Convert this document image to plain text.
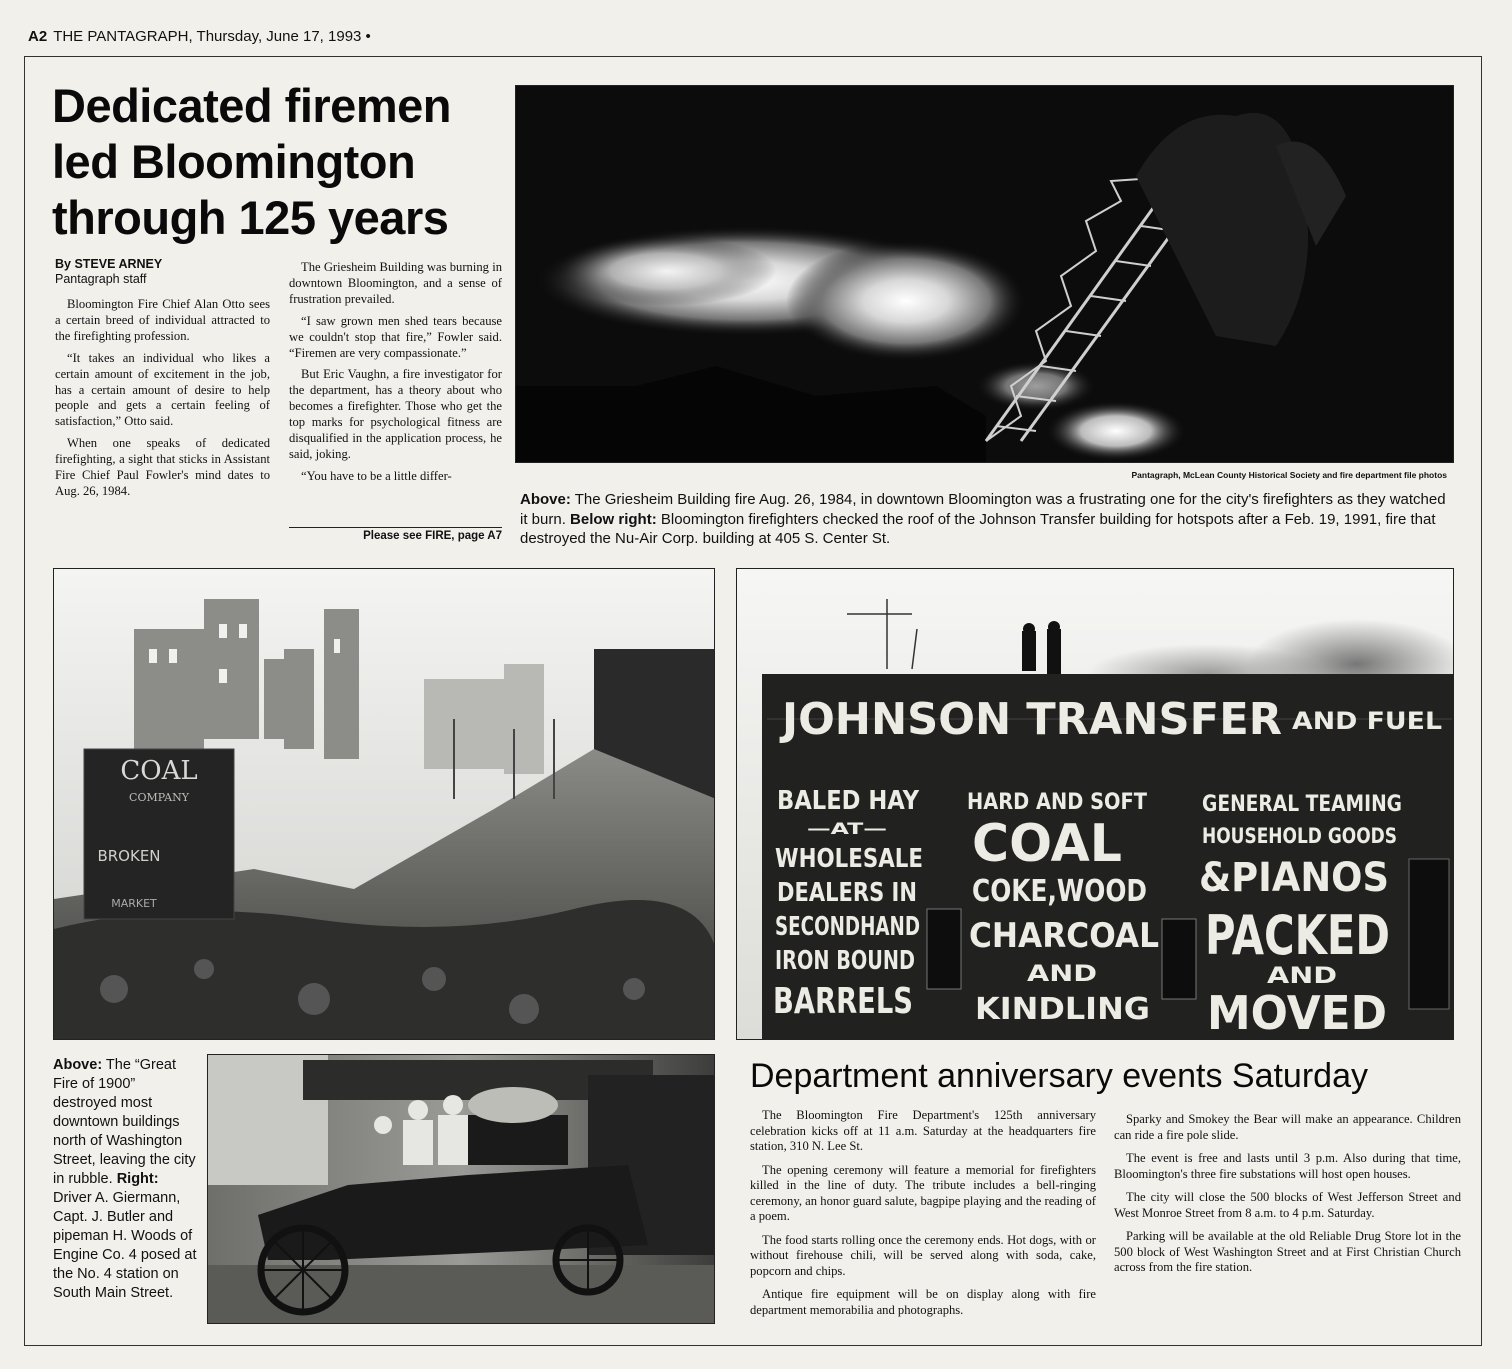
A2 THE PANTAGRAPH, Thursday, June 17, 1993 •
Dedicated firemen led Bloomington through 125 years
By STEVE ARNEY
Pantagraph staff

Bloomington Fire Chief Alan Otto sees a certain breed of individual attracted to the firefighting profession.

“It takes an individual who likes a certain amount of excitement in the job, has a certain amount of desire to help people and gets a certain feeling of satisfaction,” Otto said.

When one speaks of dedicated firefighting, a sight that sticks in Assistant Fire Chief Paul Fowler's mind dates to Aug. 26, 1984.

The Griesheim Building was burning in downtown Bloomington, and a sense of frustration prevailed.

“I saw grown men shed tears because we couldn't stop that fire,” Fowler said. “Firemen are very compassionate.”

But Eric Vaughn, a fire investigator for the department, has a theory about who becomes a firefighter. Those who get the top marks for psychological fitness are disqualified in the application process, he said, joking.

“You have to be a little differ-

Please see FIRE, page A7
Pantagraph, McLean County Historical Society and fire department file photos
Above: The Griesheim Building fire Aug. 26, 1984, in downtown Bloomington was a frustrating one for the city's firefighters as they watched it burn. Below right: Bloomington firefighters checked the roof of the Johnson Transfer building for hotspots after a Feb. 19, 1991, fire that destroyed the Nu-Air Corp. building at 405 S. Center St.
COAL
COMPANY
BROKEN
MARKET
JOHNSON TRANSFER AND FUEL
BALED HAY
—AT—
WHOLESALE
DEALERS IN
SECONDHAND
IRON BOUND
BARRELS
HARD AND SOFT
COAL
COKE,WOOD
CHARCOAL
AND
KINDLING
GENERAL TEAMING
HOUSEHOLD GOODS
&PIANOS
PACKED
AND
MOVED
Above: The “Great Fire of 1900” destroyed most downtown buildings north of Washington Street, leaving the city in rubble. Right: Driver A. Giermann, Capt. J. Butler and pipeman H. Woods of Engine Co. 4 posed at the No. 4 station on South Main Street.
Department anniversary events Saturday

The Bloomington Fire Department's 125th anniversary celebration kicks off at 11 a.m. Saturday at the headquarters fire station, 310 N. Lee St.

The opening ceremony will feature a memorial for firefighters killed in the line of duty. The tribute includes a bell-ringing ceremony, an honor guard salute, bagpipe playing and the reading of a poem.

The food starts rolling once the ceremony ends. Hot dogs, with or without firehouse chili, will be served along with soda, cake, popcorn and chips.

Antique fire equipment will be on display along with fire department memorabilia and photographs.

Sparky and Smokey the Bear will make an appearance. Children can ride a fire pole slide.

The event is free and lasts until 3 p.m. Also during that time, Bloomington's three fire substations will host open houses.

The city will close the 500 blocks of West Jefferson Street and West Monroe Street from 8 a.m. to 4 p.m. Saturday.

Parking will be available at the old Reliable Drug Store lot in the 500 block of West Washington Street and at First Christian Church across from the fire station.
